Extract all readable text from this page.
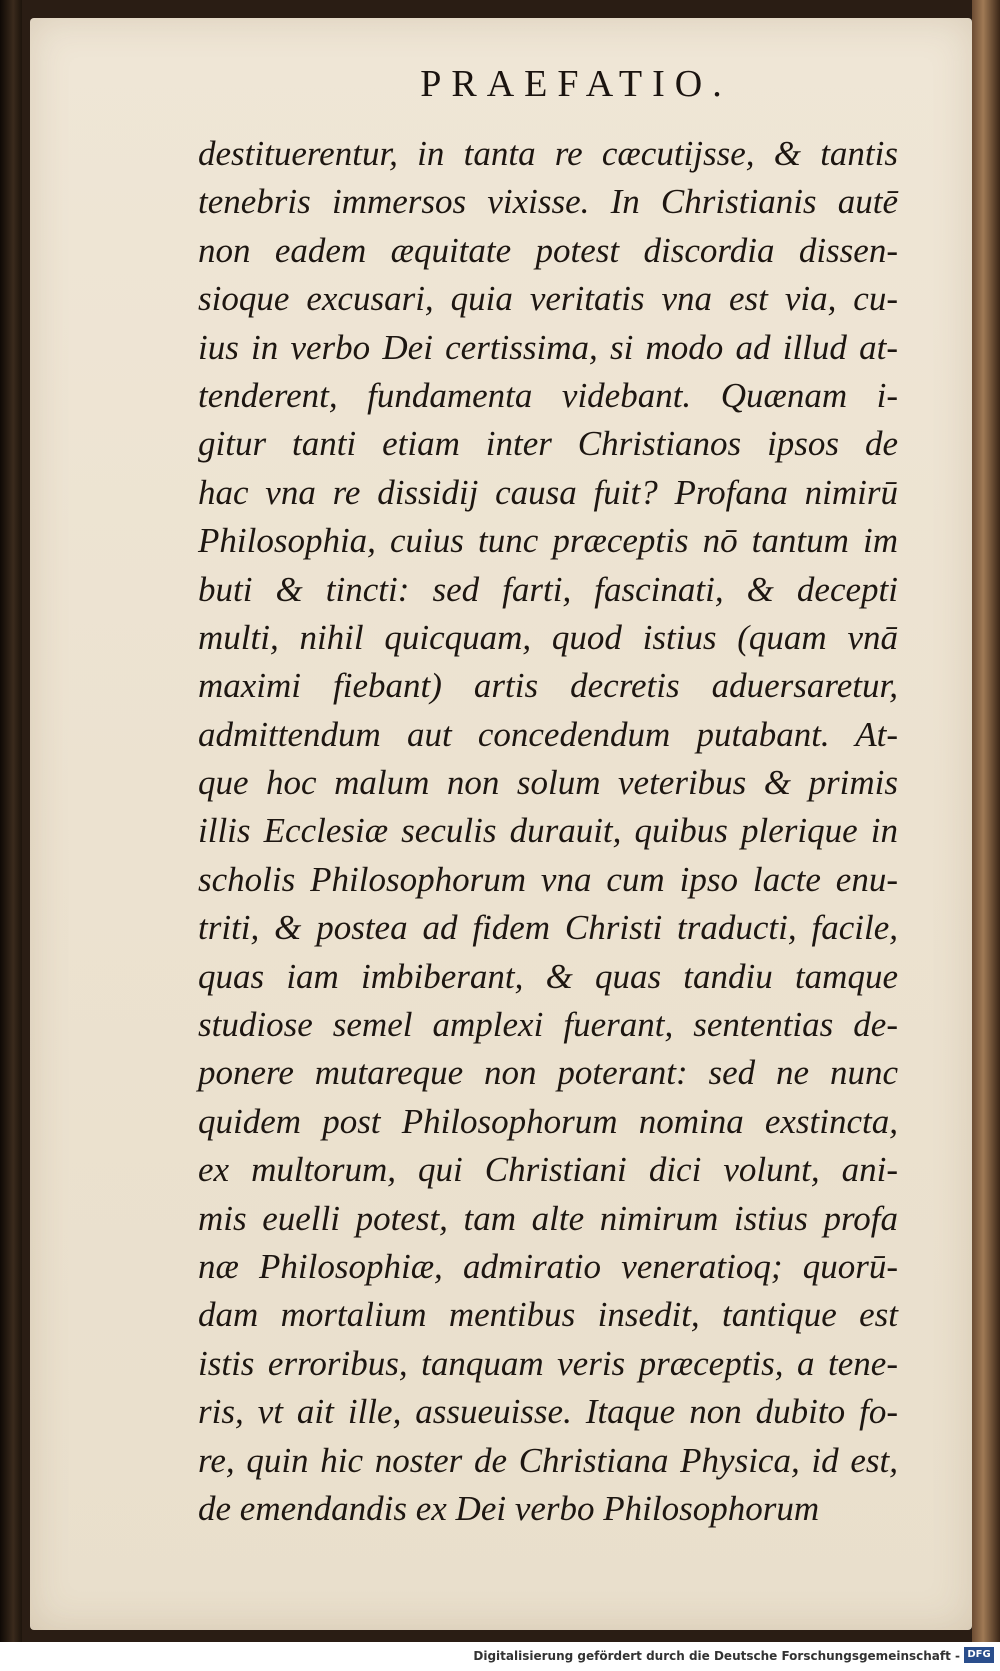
PRAEFATIO.
destituerentur, in tanta re cæcutijsse, & tantis
tenebris immersos vixisse. In Christianis autē
non eadem æquitate potest discordia dissen-
sioque excusari, quia veritatis vna est via, cu-
ius in verbo Dei certissima, si modo ad illud at-
tenderent, fundamenta videbant. Quænam i-
gitur tanti etiam inter Christianos ipsos de
hac vna re dissidij causa fuit? Profana nimirū
Philosophia, cuius tunc præceptis nō tantum im
buti & tincti: sed farti, fascinati, & decepti
multi, nihil quicquam, quod istius (quam vnā
maximi fiebant) artis decretis aduersaretur,
admittendum aut concedendum putabant. At-
que hoc malum non solum veteribus & primis
illis Ecclesiæ seculis durauit, quibus plerique in
scholis Philosophorum vna cum ipso lacte enu-
triti, & postea ad fidem Christi traducti, facile,
quas iam imbiberant, & quas tandiu tamque
studiose semel amplexi fuerant, sententias de-
ponere mutareque non poterant: sed ne nunc
quidem post Philosophorum nomina exstincta,
ex multorum, qui Christiani dici volunt, ani-
mis euelli potest, tam alte nimirum istius profa
næ Philosophiæ, admiratio veneratioq; quorū-
dam mortalium mentibus insedit, tantique est
istis erroribus, tanquam veris præceptis, a tene-
ris, vt ait ille, assueuisse. Itaque non dubito fo-
re, quin hic noster de Christiana Physica, id est,
de emendandis ex Dei verbo Philosophorum
Digitalisierung gefördert durch die Deutsche Forschungsgemeinschaft - DFG
